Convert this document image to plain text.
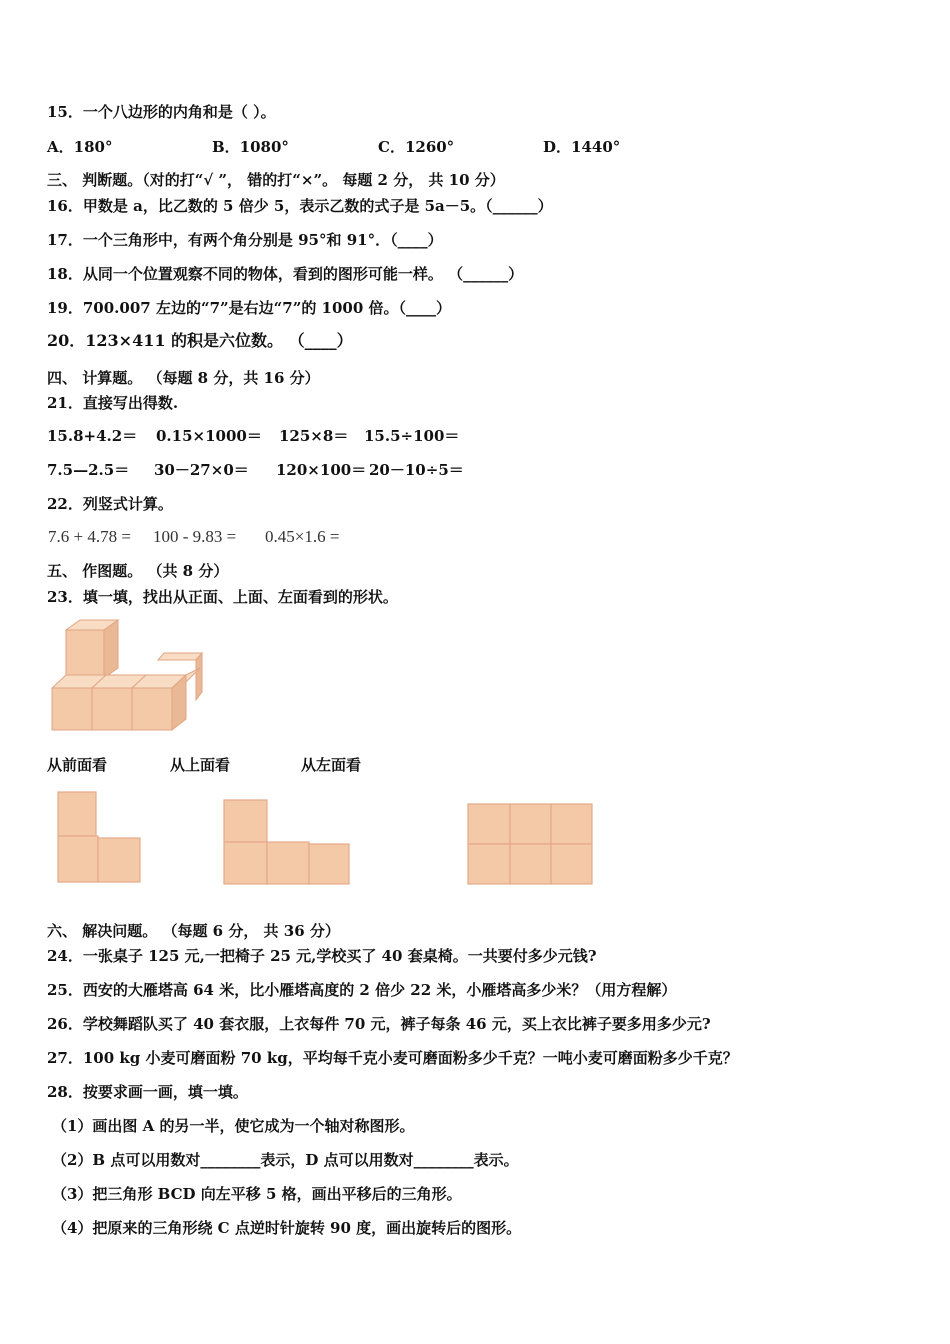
15．一个八边形的内角和是（ ）。
A．180°	B．1080°	C．1260°	D．1440°
三、 判断题。（对的打“√ ”， 错的打“×”。 每题 2 分， 共 10 分）
16．甲数是 a，比乙数的 5 倍少 5，表示乙数的式子是 5a－5。（______）
17．一个三角形中，有两个角分别是 95°和 91°．（____）
18．从同一个位置观察不同的物体，看到的图形可能一样。 （______）
19．700.007 左边的“7”是右边“7”的 1000 倍。（____）
20．123×411 的积是六位数。 （____）
四、 计算题。 （每题 8 分，共 16 分）
21．直接写出得数.
15.8+4.2＝ 0.15×1000＝ 125×8＝ 15.5÷100＝
7.5—2.5＝ 30－27×0＝ 120×100＝ 20－10÷5＝
22．列竖式计算。
7.6 + 4.78 = 100 - 9.83 = 0.45×1.6 =
五、 作图题。 （共 8 分）
23．填一填，找出从正面、上面、左面看到的形状。
从前面看	从上面看	从左面看
六、 解决问题。 （每题 6 分， 共 36 分）
24．一张桌子 125 元,一把椅子 25 元,学校买了 40 套桌椅。一共要付多少元钱?
25．西安的大雁塔高 64 米，比小雁塔高度的 2 倍少 22 米，小雁塔高多少米？（用方程解）
26．学校舞蹈队买了 40 套衣服，上衣每件 70 元，裤子每条 46 元，买上衣比裤子要多用多少元?
27．100 kg 小麦可磨面粉 70 kg，平均每千克小麦可磨面粉多少千克？一吨小麦可磨面粉多少千克？
28．按要求画一画，填一填。
（1）画出图 A 的另一半，使它成为一个轴对称图形。
（2）B 点可以用数对________表示，D 点可以用数对________表示。
（3）把三角形 BCD 向左平移 5 格，画出平移后的三角形。
（4）把原来的三角形绕 C 点逆时针旋转 90 度，画出旋转后的图形。
